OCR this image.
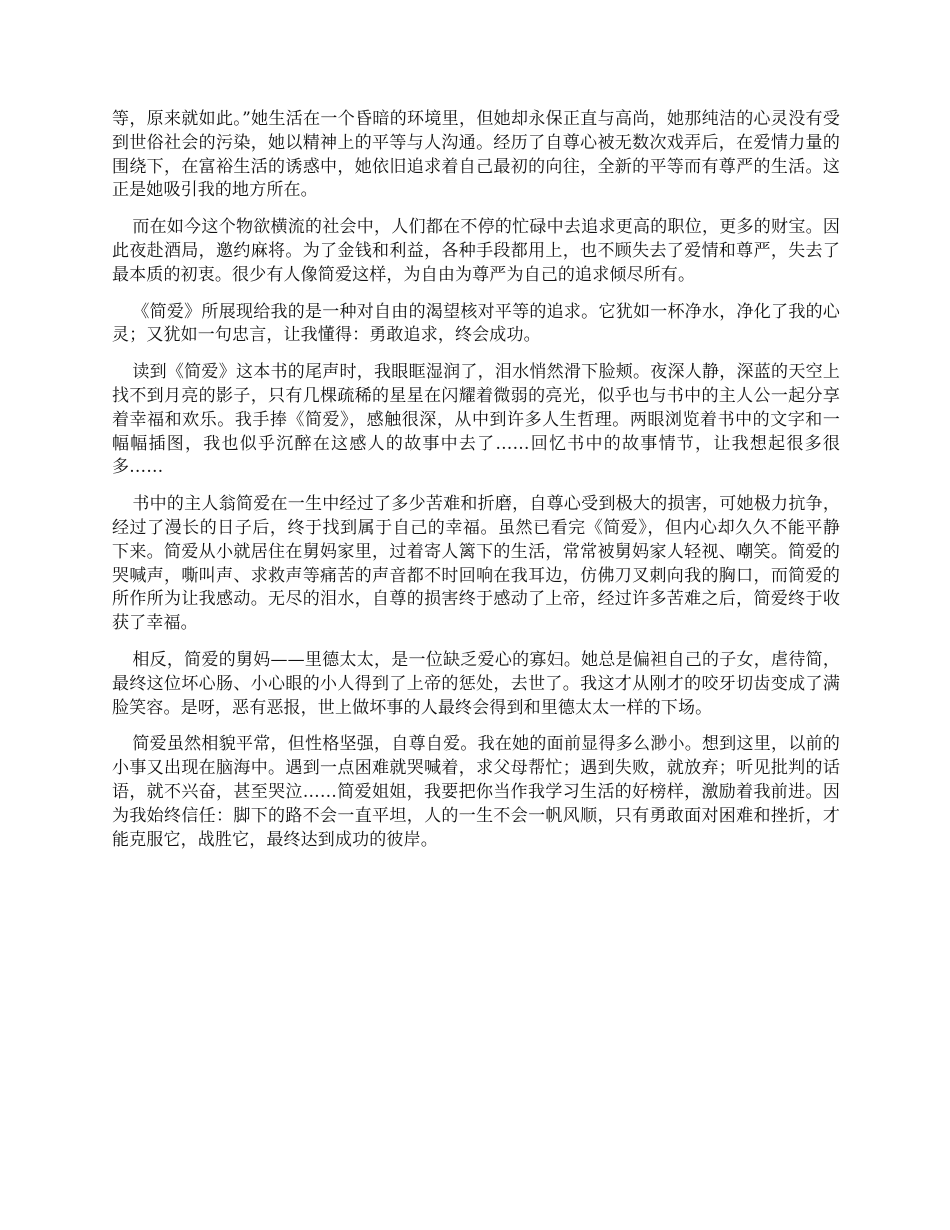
等，原来就如此。”她生活在一个昏暗的环境里，但她却永保正直与高尚，她那纯洁的心灵没有受到世俗社会的污染，她以精神上的平等与人沟通。经历了自尊心被无数次戏弄后，在爱情力量的围绕下，在富裕生活的诱惑中，她依旧追求着自己最初的向往，全新的平等而有尊严的生活。这正是她吸引我的地方所在。

而在如今这个物欲横流的社会中，人们都在不停的忙碌中去追求更高的职位，更多的财宝。因此夜赴酒局，邀约麻将。为了金钱和利益，各种手段都用上，也不顾失去了爱情和尊严，失去了最本质的初衷。很少有人像简爱这样，为自由为尊严为自己的追求倾尽所有。

《简爱》所展现给我的是一种对自由的渴望核对平等的追求。它犹如一杯净水，净化了我的心灵；又犹如一句忠言，让我懂得：勇敢追求，终会成功。

读到《简爱》这本书的尾声时，我眼眶湿润了，泪水悄然滑下脸颊。夜深人静，深蓝的天空上找不到月亮的影子，只有几棵疏稀的星星在闪耀着微弱的亮光，似乎也与书中的主人公一起分享着幸福和欢乐。我手捧《简爱》，感触很深，从中到许多人生哲理。两眼浏览着书中的文字和一幅幅插图，我也似乎沉醉在这感人的故事中去了……回忆书中的故事情节，让我想起很多很多……

书中的主人翁简爱在一生中经过了多少苦难和折磨，自尊心受到极大的损害，可她极力抗争，经过了漫长的日子后，终于找到属于自己的幸福。虽然已看完《简爱》，但内心却久久不能平静下来。简爱从小就居住在舅妈家里，过着寄人篱下的生活，常常被舅妈家人轻视、嘲笑。简爱的哭喊声，嘶叫声、求救声等痛苦的声音都不时回响在我耳边，仿佛刀叉刺向我的胸口，而简爱的所作所为让我感动。无尽的泪水，自尊的损害终于感动了上帝，经过许多苦难之后，简爱终于收获了幸福。

相反，简爱的舅妈——里德太太，是一位缺乏爱心的寡妇。她总是偏袒自己的子女，虐待简，最终这位坏心肠、小心眼的小人得到了上帝的惩处，去世了。我这才从刚才的咬牙切齿变成了满脸笑容。是呀，恶有恶报，世上做坏事的人最终会得到和里德太太一样的下场。

简爱虽然相貌平常，但性格坚强，自尊自爱。我在她的面前显得多么渺小。想到这里，以前的小事又出现在脑海中。遇到一点困难就哭喊着，求父母帮忙；遇到失败，就放弃；听见批判的话语，就不兴奋，甚至哭泣……简爱姐姐，我要把你当作我学习生活的好榜样，激励着我前进。因为我始终信任：脚下的路不会一直平坦，人的一生不会一帆风顺，只有勇敢面对困难和挫折，才能克服它，战胜它，最终达到成功的彼岸。
